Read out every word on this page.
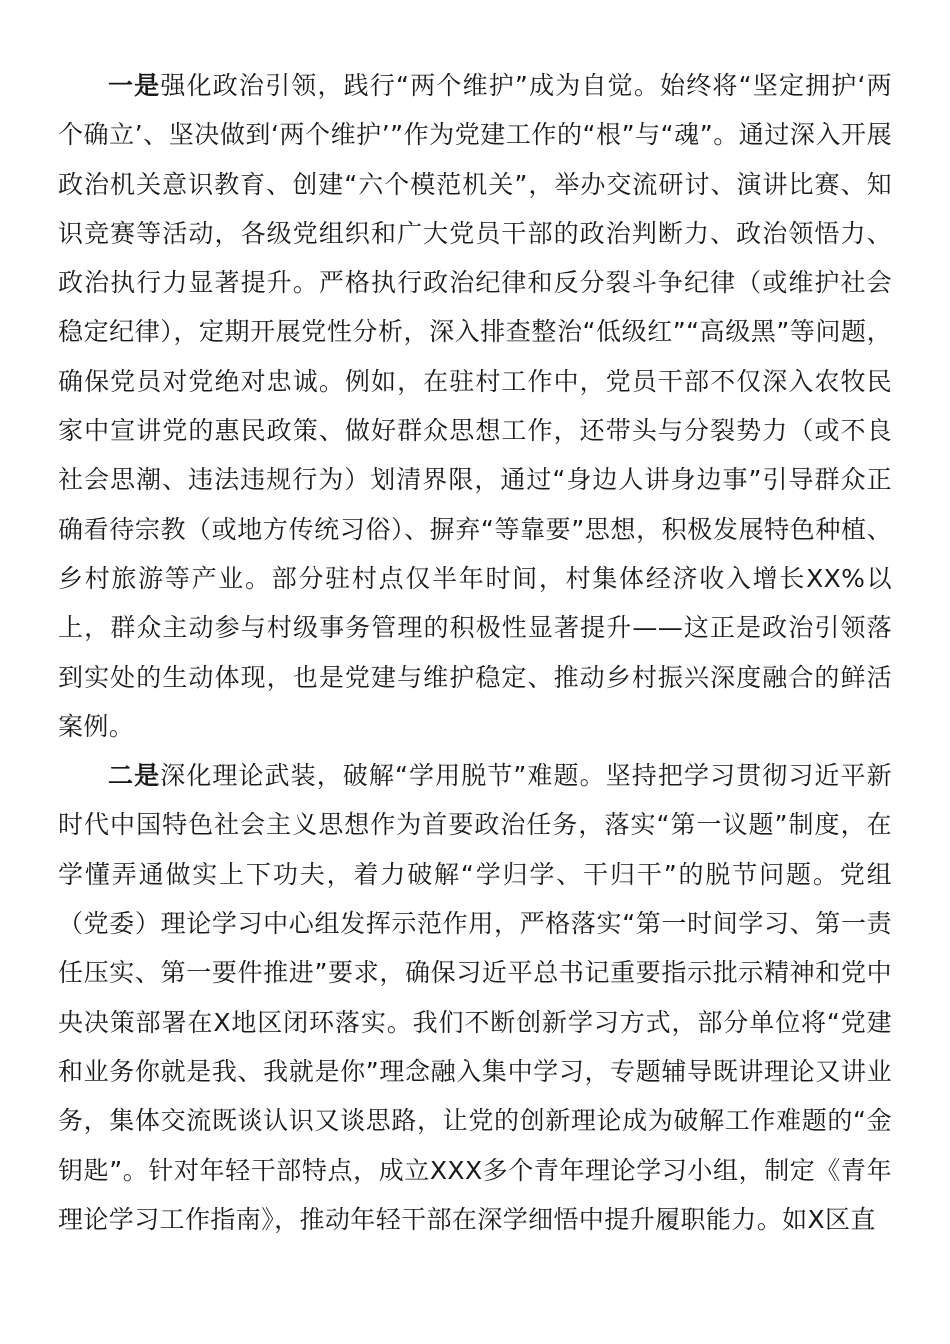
一是强化政治引领，践行“两个维护”成为自觉。始终将“坚定拥护‘两个确立’、坚决做到‘两个维护’”作为党建工作的“根”与“魂”。通过深入开展政治机关意识教育、创建“六个模范机关”，举办交流研讨、演讲比赛、知识竞赛等活动，各级党组织和广大党员干部的政治判断力、政治领悟力、政治执行力显著提升。严格执行政治纪律和反分裂斗争纪律（或维护社会稳定纪律），定期开展党性分析，深入排查整治“低级红”“高级黑”等问题，确保党员对党绝对忠诚。例如，在驻村工作中，党员干部不仅深入农牧民家中宣讲党的惠民政策、做好群众思想工作，还带头与分裂势力（或不良社会思潮、违法违规行为）划清界限，通过“身边人讲身边事”引导群众正确看待宗教（或地方传统习俗）、摒弃“等靠要”思想，积极发展特色种植、乡村旅游等产业。部分驻村点仅半年时间，村集体经济收入增长XX%以上，群众主动参与村级事务管理的积极性显著提升——这正是政治引领落到实处的生动体现，也是党建与维护稳定、推动乡村振兴深度融合的鲜活案例。

二是深化理论武装，破解“学用脱节”难题。坚持把学习贯彻习近平新时代中国特色社会主义思想作为首要政治任务，落实“第一议题”制度，在学懂弄通做实上下功夫，着力破解“学归学、干归干”的脱节问题。党组（党委）理论学习中心组发挥示范作用，严格落实“第一时间学习、第一责任压实、第一要件推进”要求，确保习近平总书记重要指示批示精神和党中央决策部署在X地区闭环落实。我们不断创新学习方式，部分单位将“党建和业务你就是我、我就是你”理念融入集中学习，专题辅导既讲理论又讲业务，集体交流既谈认识又谈思路，让党的创新理论成为破解工作难题的“金钥匙”。针对年轻干部特点，成立XXX多个青年理论学习小组，制定《青年理论学习工作指南》，推动年轻干部在深学细悟中提升履职能力。如X区直
